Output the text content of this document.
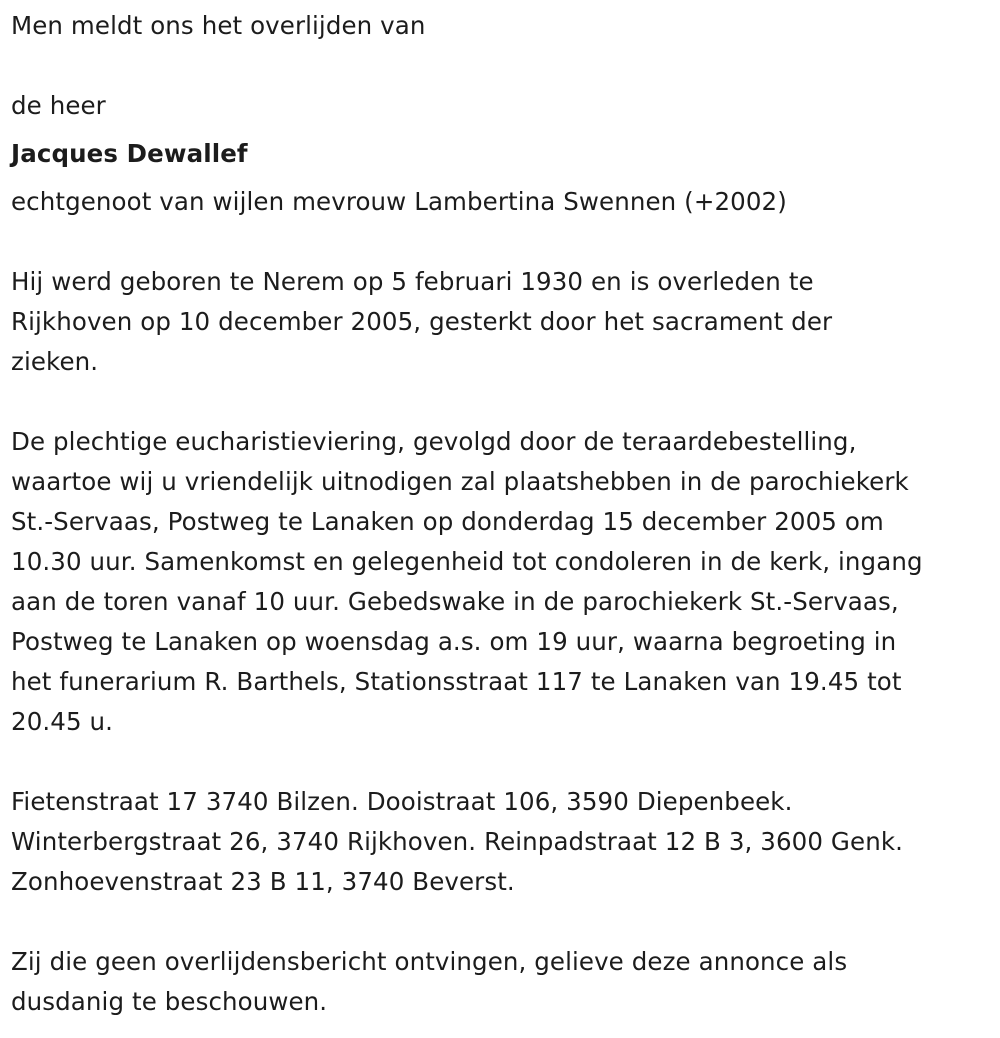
Men meldt ons het overlijden van

de heer

Jacques Dewallef

echtgenoot van wijlen mevrouw Lambertina Swennen (+2002)

Hij werd geboren te Nerem op 5 februari 1930 en is overleden te
Rijkhoven op 10 december 2005, gesterkt door het sacrament der
zieken.
De plechtige eucharistieviering, gevolgd door de teraardebestelling,
waartoe wij u vriendelijk uitnodigen zal plaatshebben in de parochiekerk
St.-Servaas, Postweg te Lanaken op donderdag 15 december 2005 om
10.30 uur. Samenkomst en gelegenheid tot condoleren in de kerk, ingang
aan de toren vanaf 10 uur. Gebedswake in de parochiekerk St.-Servaas,
Postweg te Lanaken op woensdag a.s. om 19 uur, waarna begroeting in
het funerarium R. Barthels, Stationsstraat 117 te Lanaken van 19.45 tot
20.45 u.
Fietenstraat 17 3740 Bilzen. Dooistraat 106, 3590 Diepenbeek.
Winterbergstraat 26, 3740 Rijkhoven. Reinpadstraat 12 B 3, 3600 Genk.
Zonhoevenstraat 23 B 11, 3740 Beverst.
Zij die geen overlijdensbericht ontvingen, gelieve deze annonce als
dusdanig te beschouwen.
